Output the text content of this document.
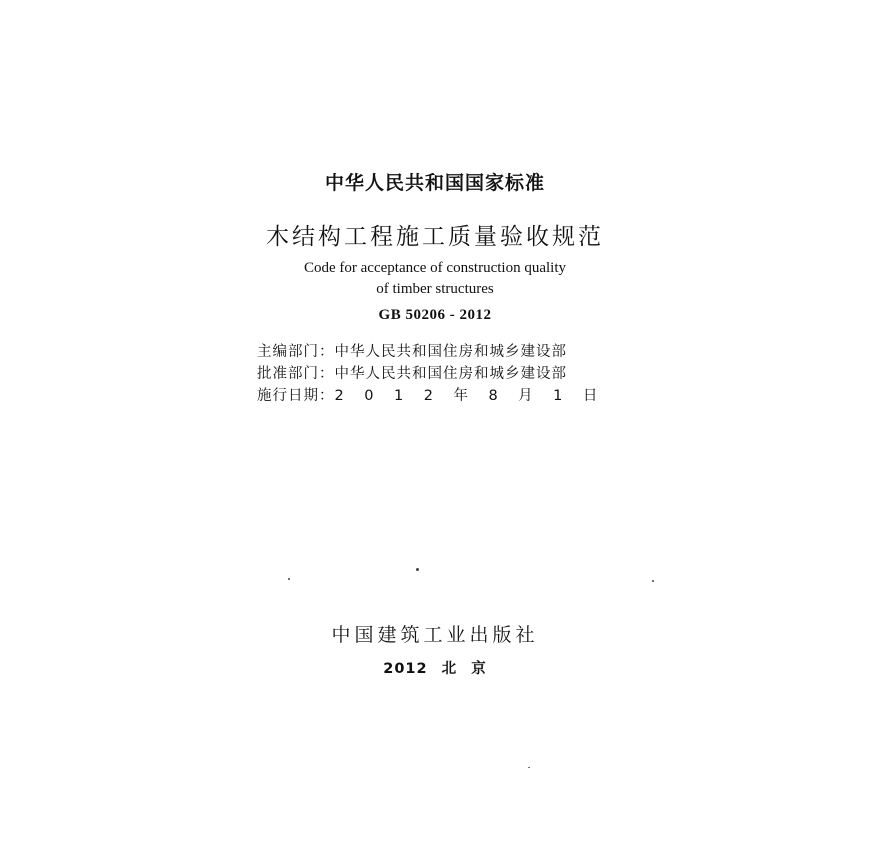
中华人民共和国国家标准
木结构工程施工质量验收规范
Code for acceptance of construction quality
of timber structures
GB 50206 - 2012
主编部门：中华人民共和国住房和城乡建设部
批准部门：中华人民共和国住房和城乡建设部
施行日期： 2 0 1 2 年 8 月 1 日
中国建筑工业出版社
2012 北 京
